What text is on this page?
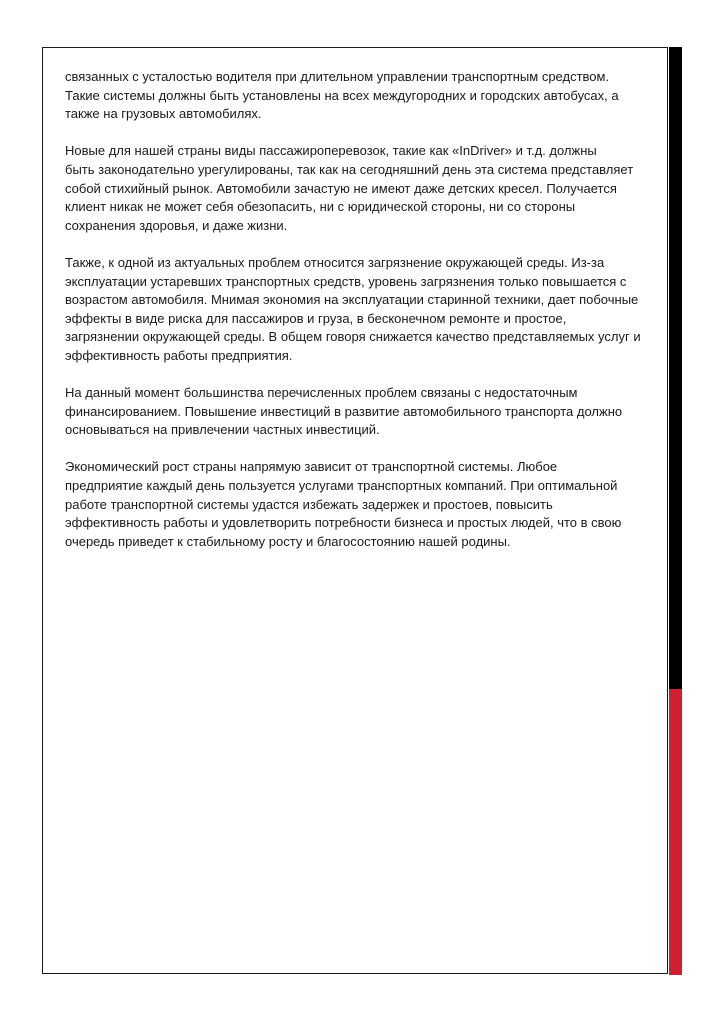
связанных с усталостью водителя при длительном управлении транспортным средством.
Такие системы должны быть установлены на всех междугородних и городских автобусах, а
также на грузовых автомобилях.

Новые для нашей страны виды пассажироперевозок, такие как «InDriver» и т.д. должны
быть законодательно урегулированы, так как на сегодняшний день эта система представляет
собой стихийный рынок. Автомобили зачастую не имеют даже детских кресел. Получается
клиент никак не может себя обезопасить, ни с юридической стороны, ни со стороны
сохранения здоровья, и даже жизни.

Также, к одной из актуальных проблем относится загрязнение окружающей среды. Из-за
эксплуатации устаревших транспортных средств, уровень загрязнения только повышается с
возрастом автомобиля. Мнимая экономия на эксплуатации старинной техники, дает побочные
эффекты в виде риска для пассажиров и груза, в бесконечном ремонте и простое,
загрязнении окружающей среды. В общем говоря снижается качество представляемых услуг и
эффективность работы предприятия.

На данный момент большинства перечисленных проблем связаны с недостаточным
финансированием. Повышение инвестиций в развитие автомобильного транспорта должно
основываться на привлечении частных инвестиций.

Экономический рост страны напрямую зависит от транспортной системы. Любое
предприятие каждый день пользуется услугами транспортных компаний. При оптимальной
работе транспортной системы удастся избежать задержек и простоев, повысить
эффективность работы и удовлетворить потребности бизнеса и простых людей, что в свою
очередь приведет к стабильному росту и благосостоянию нашей родины.
